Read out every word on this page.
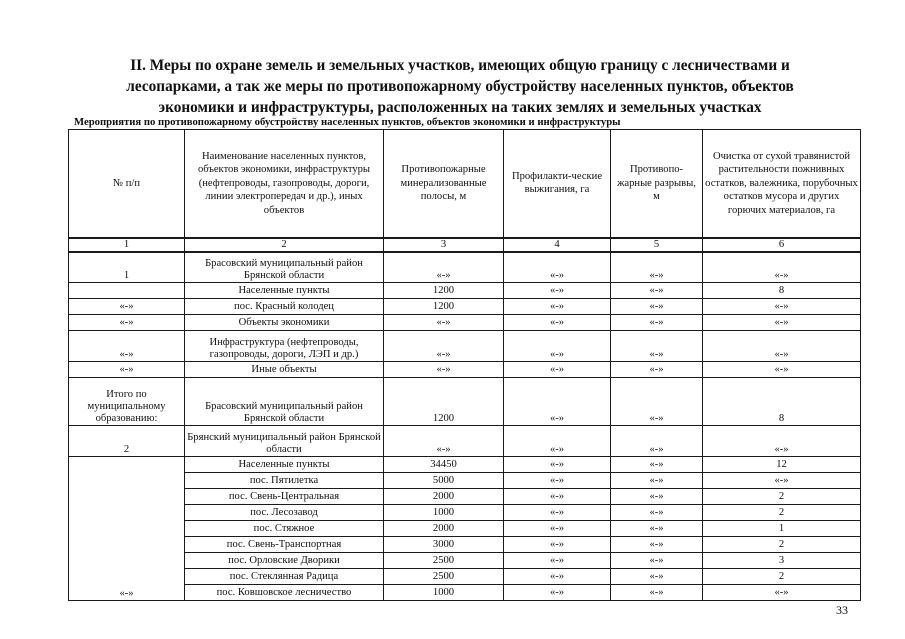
II. Меры по охране земель и земельных участков, имеющих общую границу с лесничествами и
лесопарками, а так же меры по противопожарному обустройству населенных пунктов, объектов
экономики и инфраструктуры, расположенных на таких землях и земельных участках

Мероприятия по противопожарному обустройству населенных пунктов, объектов экономики и инфраструктуры

№ п/п	Наименование населенных пунктов, объектов экономики, инфраструктуры (нефтепроводы, газопроводы, дороги, линии электропередач и др.), иных объектов	Противопожарные минерализованные полосы, м	Профилакти-ческие выжигания, га	Противопо-жарные разрывы, м	Очистка от сухой травянистой растительности пожнивных остатков, валежника, порубочных остатков мусора и других горючих материалов, га
1	2	3	4	5	6
1	Брасовский муниципальный район Брянской области	«-»	«-»	«-»	«-»
	Населенные пункты	1200	«-»	«-»	8
«-»	пос. Красный колодец	1200	«-»	«-»	«-»
«-»	Объекты экономики	«-»	«-»	«-»	«-»
«-»	Инфраструктура (нефтепроводы, газопроводы, дороги, ЛЭП и др.)	«-»	«-»	«-»	«-»
«-»	Иные объекты	«-»	«-»	«-»	«-»
Итого по муниципальному образованию:	Брасовский муниципальный район Брянской области	1200	«-»	«-»	8
2	Брянский муниципальный район Брянской области	«-»	«-»	«-»	«-»
«-»	Населенные пункты	34450	«-»	«-»	12
	пос. Пятилетка	5000	«-»	«-»	«-»
	пос. Свень-Центральная	2000	«-»	«-»	2
	пос. Лесозавод	1000	«-»	«-»	2
	пос. Стяжное	2000	«-»	«-»	1
	пос. Свень-Транспортная	3000	«-»	«-»	2
	пос. Орловские Дворики	2500	«-»	«-»	3
	пос. Стеклянная Радица	2500	«-»	«-»	2
	пос. Ковшовское лесничество	1000	«-»	«-»	«-»
33
